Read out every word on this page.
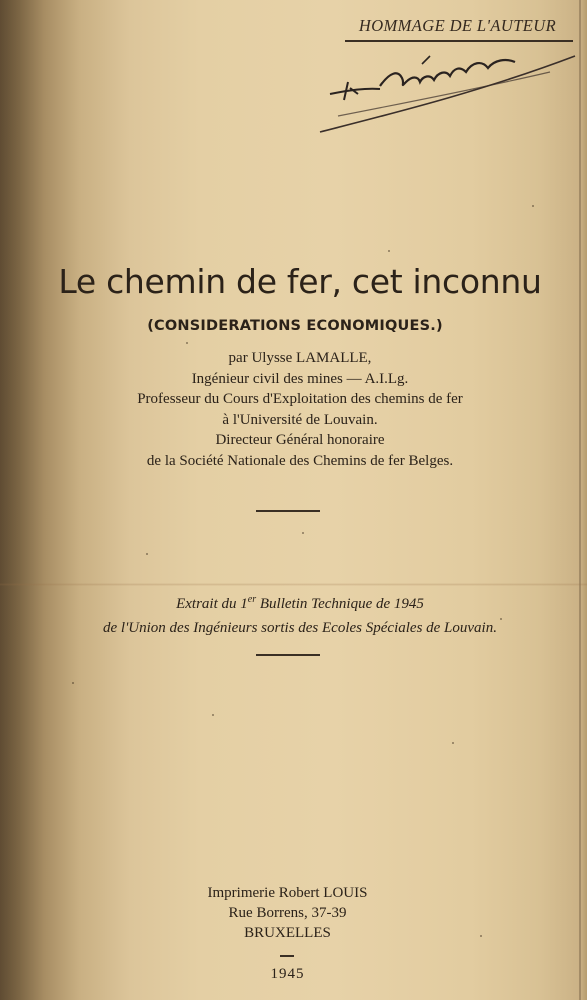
HOMMAGE DE L'AUTEUR
Le chemin de fer, cet inconnu
(CONSIDERATIONS ECONOMIQUES.)
par Ulysse LAMALLE,
Ingénieur civil des mines — A.I.Lg.
Professeur du Cours d'Exploitation des chemins de fer
à l'Université de Louvain.
Directeur Général honoraire
de la Société Nationale des Chemins de fer Belges.
Extrait du 1er Bulletin Technique de 1945
de l'Union des Ingénieurs sortis des Ecoles Spéciales de Louvain.
Imprimerie Robert LOUIS
Rue Borrens, 37-39
BRUXELLES
1945
